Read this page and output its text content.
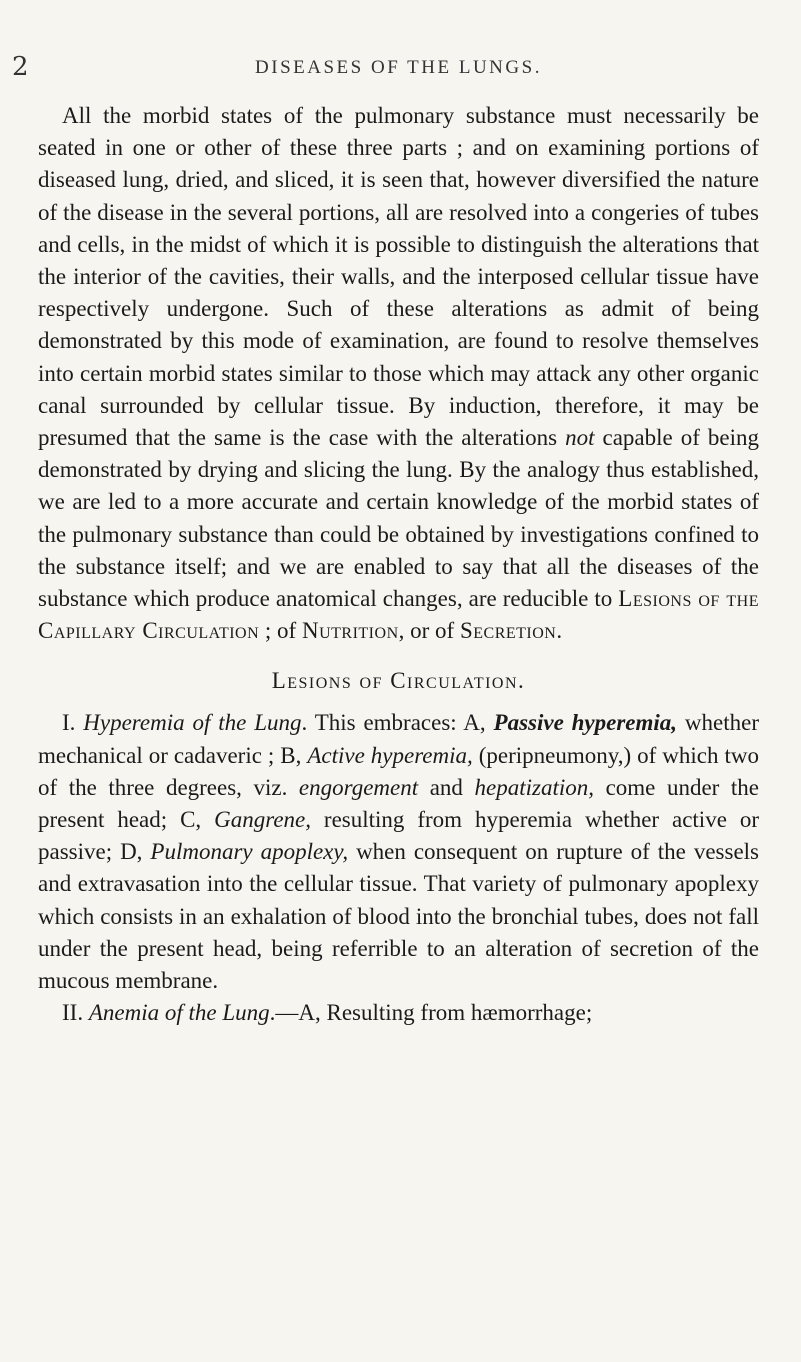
2	DISEASES OF THE LUNGS.

All the morbid states of the pulmonary substance must necessarily be seated in one or other of these three parts ; and on examining portions of diseased lung, dried, and sliced, it is seen that, however diversified the nature of the disease in the several portions, all are resolved into a congeries of tubes and cells, in the midst of which it is possible to distinguish the alterations that the interior of the cavities, their walls, and the interposed cellular tissue have respectively undergone. Such of these alterations as admit of being demonstrated by this mode of examination, are found to resolve themselves into certain morbid states similar to those which may attack any other organic canal surrounded by cellular tissue. By induction, therefore, it may be presumed that the same is the case with the alterations not capable of being demonstrated by drying and slicing the lung. By the analogy thus established, we are led to a more accurate and certain knowledge of the morbid states of the pulmonary substance than could be obtained by investigations confined to the substance itself; and we are enabled to say that all the diseases of the substance which produce anatomical changes, are reducible to Lesions of the Capillary Circulation ; of Nutrition, or of Secretion.

Lesions of Circulation.

I. Hyperemia of the Lung. This embraces: A, Passive hyperemia, whether mechanical or cadaveric ; B, Active hyperemia, (peripneumony,) of which two of the three degrees, viz. engorgement and hepatization, come under the present head; C, Gangrene, resulting from hyperemia whether active or passive; D, Pulmonary apoplexy, when consequent on rupture of the vessels and extravasation into the cellular tissue. That variety of pulmonary apoplexy which consists in an exhalation of blood into the bronchial tubes, does not fall under the present head, being referrible to an alteration of secretion of the mucous membrane.

II. Anemia of the Lung.—A, Resulting from hæmorrhage;
